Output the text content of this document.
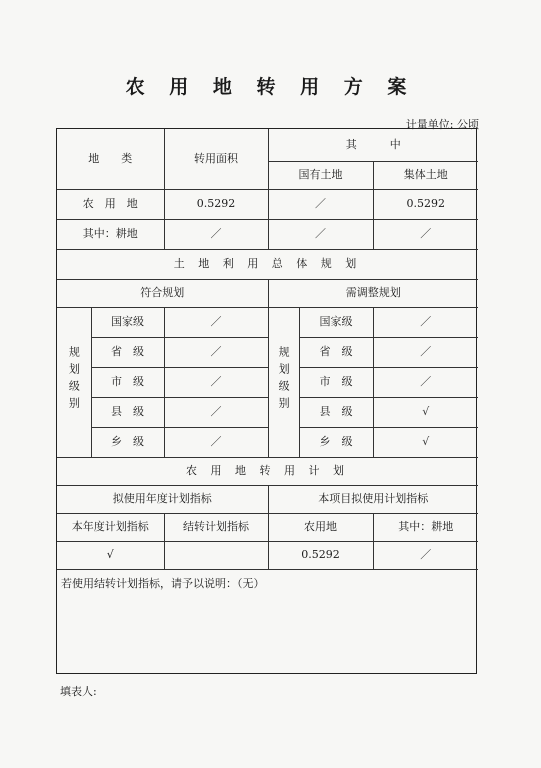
农 用 地 转 用 方 案
计量单位: 公顷
地　　类		转用面积	其　　　中		
			国有土地		集体土地
农　用　地		0.5292	／		0.5292
其中：耕地		／	／		／
土 地 利 用 总 体 规 划					
符合规划			需调整规划		
规划级别	国家级	／	规划级别	国家级	／
	省　级	／		省　级	／
	市　级	／		市　级	／
	县　级	／		县　级	√
	乡　级	／		乡　级	√
农 用 地 转 用 计 划					
拟使用年度计划指标			本项目拟使用计划指标		
本年度计划指标		结转计划指标	农用地		其中：耕地
√			0.5292		／
若使用结转计划指标，请予以说明：（无）
填表人:
